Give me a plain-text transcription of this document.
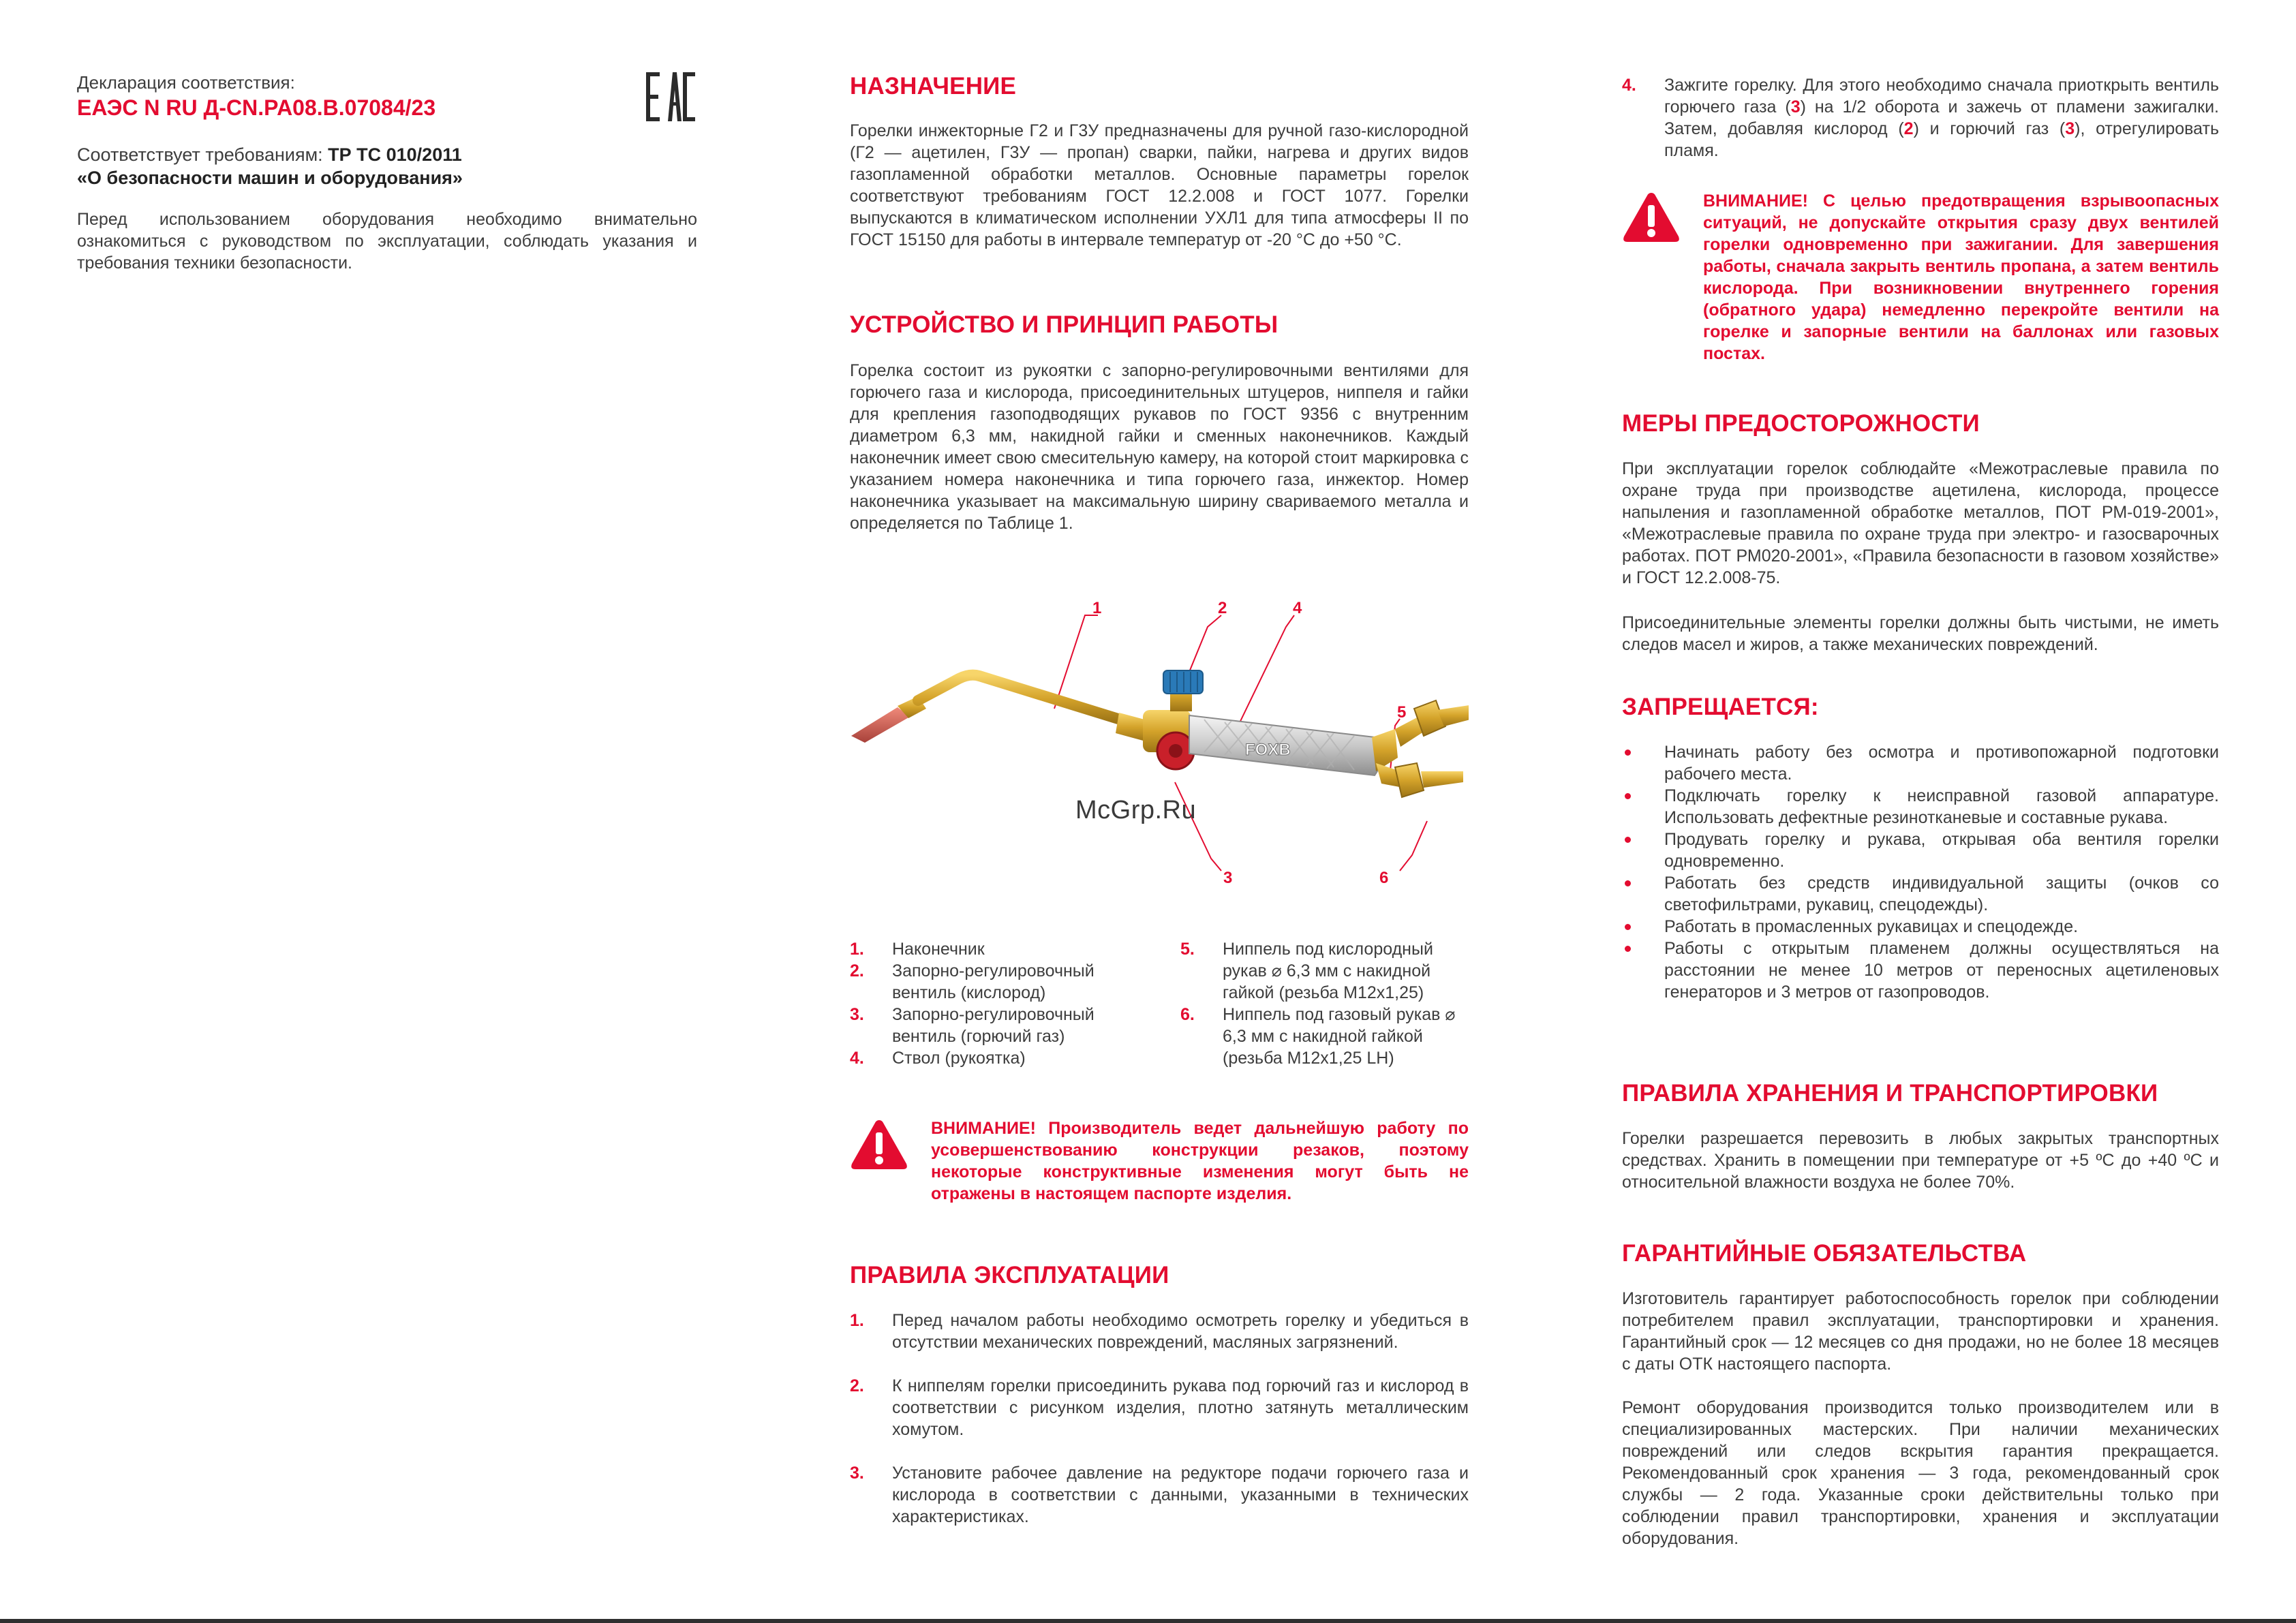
Декларация соответствия:

ЕАЭС N RU Д-CN.PA08.B.07084/23

Соответствует требованиям: ТР ТС 010/2011
«О безопасности машин и оборудования»

Перед использованием оборудования необходимо внимательно ознакомиться с руководством по эксплуатации, соблюдать указания и требования техники безопасности.

НАЗНАЧЕНИЕ

Горелки инжекторные Г2 и Г3У предназначены для ручной газо-кислородной (Г2 — ацетилен, Г3У — пропан) сварки, пайки, нагрева и других видов газопламенной обработки металлов. Основные параметры горелок соответствуют требованиям ГОСТ 12.2.008 и ГОСТ 1077. Горелки выпускаются в климатическом исполнении УХЛ1 для типа атмосферы II по ГОСТ 15150 для работы в интервале температур от -20 °С до +50 °С.

УСТРОЙСТВО И ПРИНЦИП РАБОТЫ

Горелка состоит из рукоятки с запорно-регулировочными вентилями для горючего газа и кислорода, присоединительных штуцеров, ниппеля и гайки для крепления газоподводящих рукавов по ГОСТ 9356 с внутренним диаметром 6,3 мм, накидной гайки и сменных наконечников. Каждый наконечник имеет свою смесительную камеру, на которой стоит маркировка с указанием номера наконечника и типа горючего газа, инжектор. Номер наконечника указывает на максимальную ширину свариваемого металла и определяется по Таблице 1.

1	2	4
5
3	6
FOXB

1. Наконечник

2. Запорно-регулировочный вентиль (кислород)

3. Запорно-регулировочный вентиль (горючий газ)

4. Ствол (рукоятка)

5. Ниппель под кислородный рукав ⌀ 6,3 мм с накидной гайкой (резьба М12х1,25)

6. Ниппель под газовый рукав ⌀ 6,3 мм с накидной гайкой (резьба М12х1,25 LH)

ВНИМАНИЕ! Производитель ведет дальнейшую работу по усовершенствованию конструкции резаков, поэтому некоторые конструктивные изменения могут быть не отражены в настоящем паспорте изделия.

ПРАВИЛА ЭКСПЛУАТАЦИИ
1. Перед началом работы необходимо осмотреть горелку и убедиться в отсутствии механических повреждений, масляных загрязнений.
2. К ниппелям горелки присоединить рукава под горючий газ и кислород в соответствии с рисунком изделия, плотно затянуть металлическим хомутом.
3. Установите рабочее давление на редукторе подачи горючего газа и кислорода в соответствии с данными, указанными в технических характеристиках.
McGrp.Ru
4. Зажгите горелку. Для этого необходимо сначала приоткрыть вентиль горючего газа (3) на 1/2 оборота и зажечь от пламени зажигалки. Затем, добавляя кислород (2) и горючий газ (3), отрегулировать пламя.

ВНИМАНИЕ! С целью предотвращения взрывоопасных ситуаций, не допускайте открытия сразу двух вентилей горелки одновременно при зажигании. Для завершения работы, сначала закрыть вентиль пропана, а затем вентиль кислорода. При возникновении внутреннего горения (обратного удара) немедленно перекройте вентили на горелке и запорные вентили на баллонах или газовых постах.

МЕРЫ ПРЕДОСТОРОЖНОСТИ

При эксплуатации горелок соблюдайте «Межотраслевые правила по охране труда при производстве ацетилена, кислорода, процессе напыления и газопламенной обработке металлов, ПОТ РМ-019-2001», «Межотраслевые правила по охране труда при электро- и газосварочных работах. ПОТ РМ020-2001», «Правила безопасности в газовом хозяйстве» и ГОСТ 12.2.008-75.

Присоединительные элементы горелки должны быть чистыми, не иметь следов масел и жиров, а также механических повреждений.

ЗАПРЕЩАЕТСЯ:
Начинать работу без осмотра и противопожарной подготовки рабочего места.
Подключать горелку к неисправной газовой аппаратуре. Использовать дефектные резинотканевые и составные рукава.
Продувать горелку и рукава, открывая оба вентиля горелки одновременно.
Работать без средств индивидуальной защиты (очков со светофильтрами, рукавиц, спецодежды).
Работать в промасленных рукавицах и спецодежде.
Работы с открытым пламенем должны осуществляться на расстоянии не менее 10 метров от переносных ацетиленовых генераторов и 3 метров от газопроводов.
ПРАВИЛА ХРАНЕНИЯ И ТРАНСПОРТИРОВКИ

Горелки разрешается перевозить в любых закрытых транспортных средствах. Хранить в помещении при температуре от +5 ºС до +40 ºС и относительной влажности воздуха не более 70%.

ГАРАНТИЙНЫЕ ОБЯЗАТЕЛЬСТВА

Изготовитель гарантирует работоспособность горелок при соблюдении потребителем правил эксплуатации, транспортировки и хранения. Гарантийный срок — 12 месяцев со дня продажи, но не более 18 месяцев с даты ОТК настоящего паспорта.

Ремонт оборудования производится только производителем или в специализированных мастерских. При наличии механических повреждений или следов вскрытия гарантия прекращается. Рекомендованный срок хранения — 3 года, рекомендованный срок службы — 2 года. Указанные сроки действительны только при соблюдении правил транспортировки, хранения и эксплуатации оборудования.
